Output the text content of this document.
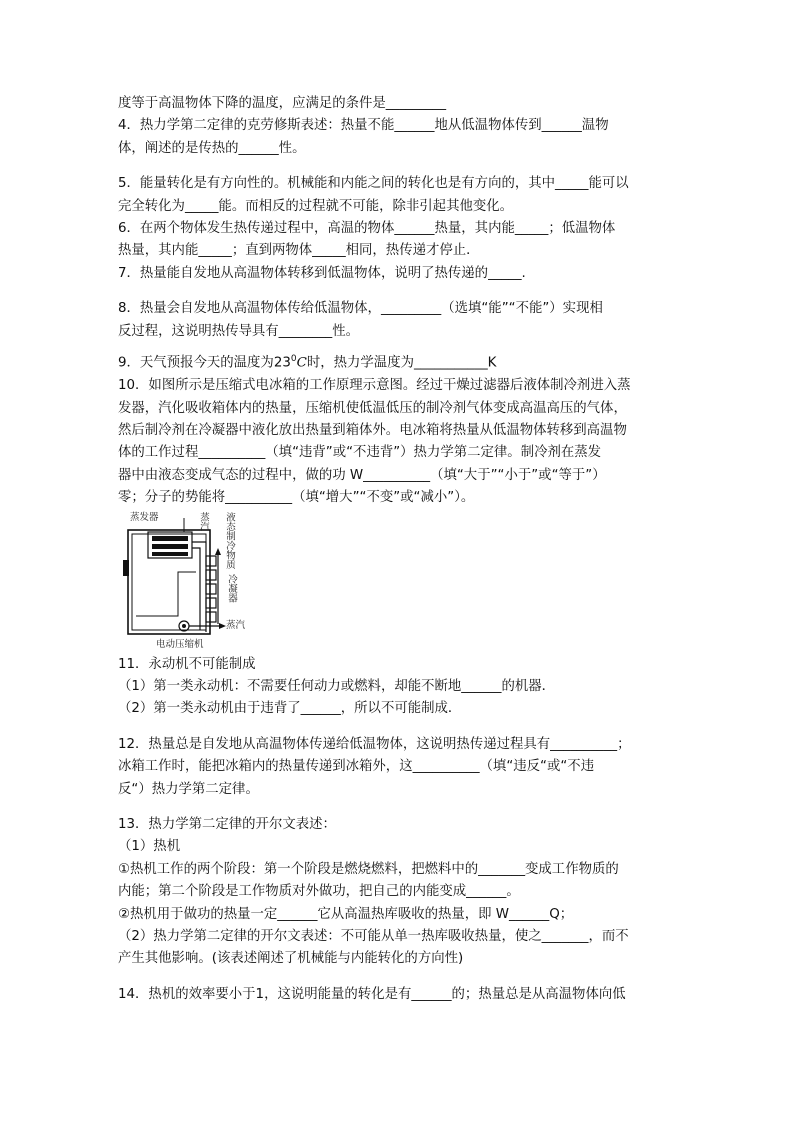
度等于高温物体下降的温度，应满足的条件是_________
4．热力学第二定律的克劳修斯表述：热量不能______地从低温物体传到______温物
体，阐述的是传热的______性。
5．能量转化是有方向性的。机械能和内能之间的转化也是有方向的，其中_____能可以
完全转化为_____能。而相反的过程就不可能，除非引起其他变化。
6．在两个物体发生热传递过程中，高温的物体______热量，其内能_____；低温物体
热量，其内能_____；直到两物体_____相同，热传递才停止．
7．热量能自发地从高温物体转移到低温物体，说明了热传递的_____.
8．热量会自发地从高温物体传给低温物体，_________（选填“能”“不能”）实现相
反过程，这说明热传导具有________性。
9．天气预报今天的温度为$23^0C$时，热力学温度为___________K
10．如图所示是压缩式电冰箱的工作原理示意图。经过干燥过滤器后液体制冷剂进入蒸
发器，汽化吸收箱体内的热量，压缩机使低温低压的制冷剂气体变成高温高压的气体，
然后制冷剂在冷凝器中液化放出热量到箱体外。电冰箱将热量从低温物体转移到高温物
体的工作过程__________（填“违背”或“不违背”）热力学第二定律。制冷剂在蒸发
器中由液态变成气态的过程中，做的功 W__________（填“大于”“小于”或“等于”）
零；分子的势能将__________（填“增大”“不变”或“减小”）。
蒸发器	蒸汽 液态制冷物质
冷凝器
蒸汽
电动压缩机
11．永动机不可能制成
（1）第一类永动机：不需要任何动力或燃料，却能不断地______的机器．
（2）第一类永动机由于违背了______，所以不可能制成．
12．热量总是自发地从高温物体传递给低温物体，这说明热传递过程具有__________；
冰箱工作时，能把冰箱内的热量传递到冰箱外，这__________（填“违反“或“不违
反“）热力学第二定律。
13．热力学第二定律的开尔文表述：
（1）热机
①热机工作的两个阶段：第一个阶段是燃烧燃料，把燃料中的_______变成工作物质的
内能；第二个阶段是工作物质对外做功，把自己的内能变成______。
②热机用于做功的热量一定______它从高温热库吸收的热量，即 W______Q；
（2）热力学第二定律的开尔文表述：不可能从单一热库吸收热量，使之_______，而不
产生其他影响。(该表述阐述了机械能与内能转化的方向性)
14．热机的效率要小于1，这说明能量的转化是有______的；热量总是从高温物体向低
